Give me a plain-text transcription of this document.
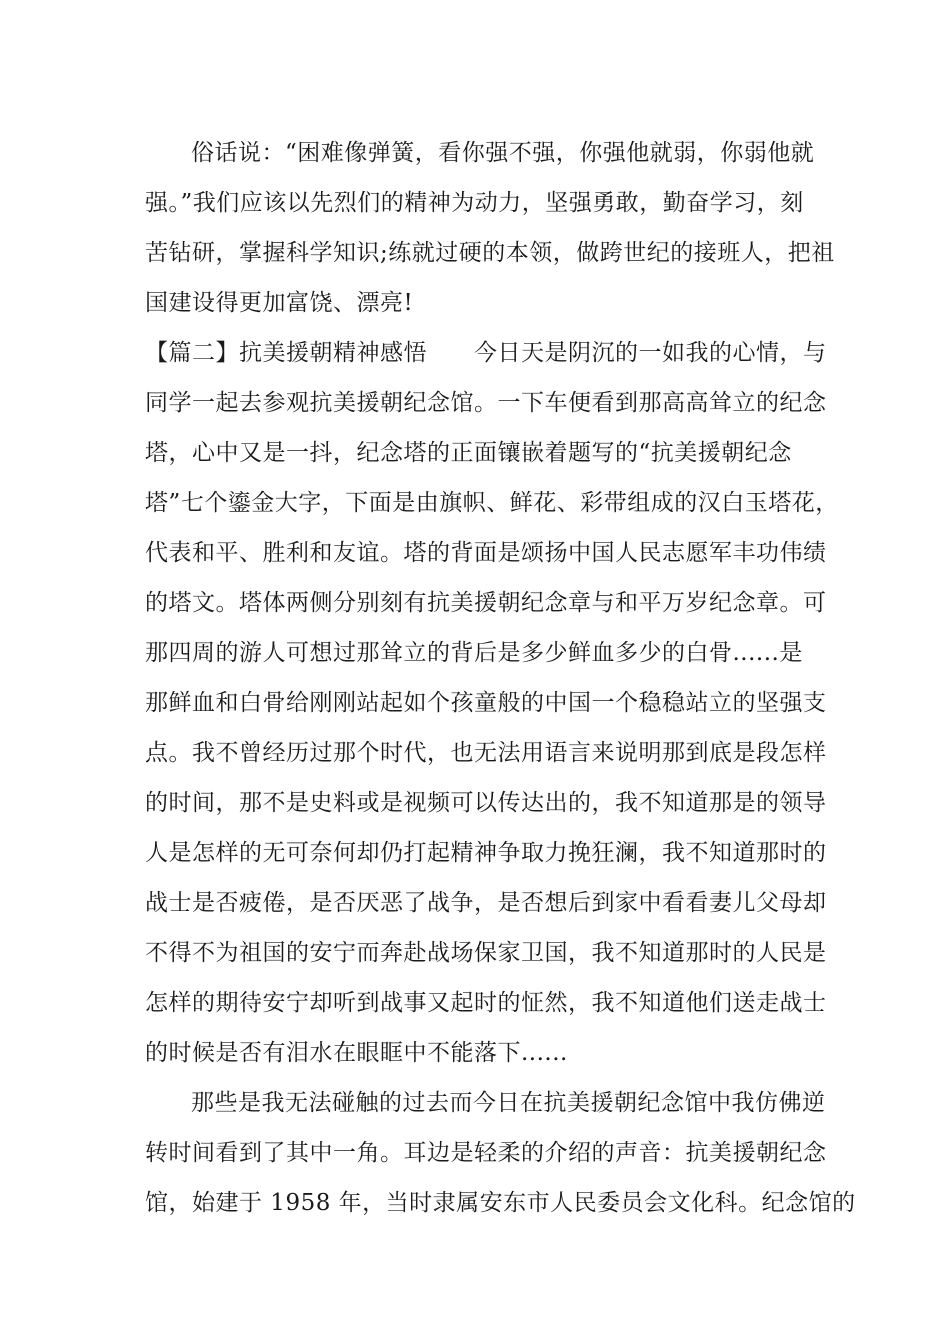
俗话说：“困难像弹簧，看你强不强，你强他就弱，你弱他就
强。”我们应该以先烈们的精神为动力，坚强勇敢，勤奋学习，刻
苦钻研，掌握科学知识;练就过硬的本领，做跨世纪的接班人，把祖
国建设得更加富饶、漂亮!
【篇二】抗美援朝精神感悟　　今日天是阴沉的一如我的心情，与
同学一起去参观抗美援朝纪念馆。一下车便看到那高高耸立的纪念
塔，心中又是一抖，纪念塔的正面镶嵌着题写的“抗美援朝纪念
塔”七个鎏金大字，下面是由旗帜、鲜花、彩带组成的汉白玉塔花，
代表和平、胜利和友谊。塔的背面是颂扬中国人民志愿军丰功伟绩
的塔文。塔体两侧分别刻有抗美援朝纪念章与和平万岁纪念章。可
那四周的游人可想过那耸立的背后是多少鲜血多少的白骨......是
那鲜血和白骨给刚刚站起如个孩童般的中国一个稳稳站立的坚强支
点。我不曾经历过那个时代，也无法用语言来说明那到底是段怎样
的时间，那不是史料或是视频可以传达出的，我不知道那是的领导
人是怎样的无可奈何却仍打起精神争取力挽狂澜，我不知道那时的
战士是否疲倦，是否厌恶了战争，是否想后到家中看看妻儿父母却
不得不为祖国的安宁而奔赴战场保家卫国，我不知道那时的人民是
怎样的期待安宁却听到战事又起时的怔然，我不知道他们送走战士
的时候是否有泪水在眼眶中不能落下......
那些是我无法碰触的过去而今日在抗美援朝纪念馆中我仿佛逆
转时间看到了其中一角。耳边是轻柔的介绍的声音：抗美援朝纪念
馆，始建于 1958 年，当时隶属安东市人民委员会文化科。纪念馆的
